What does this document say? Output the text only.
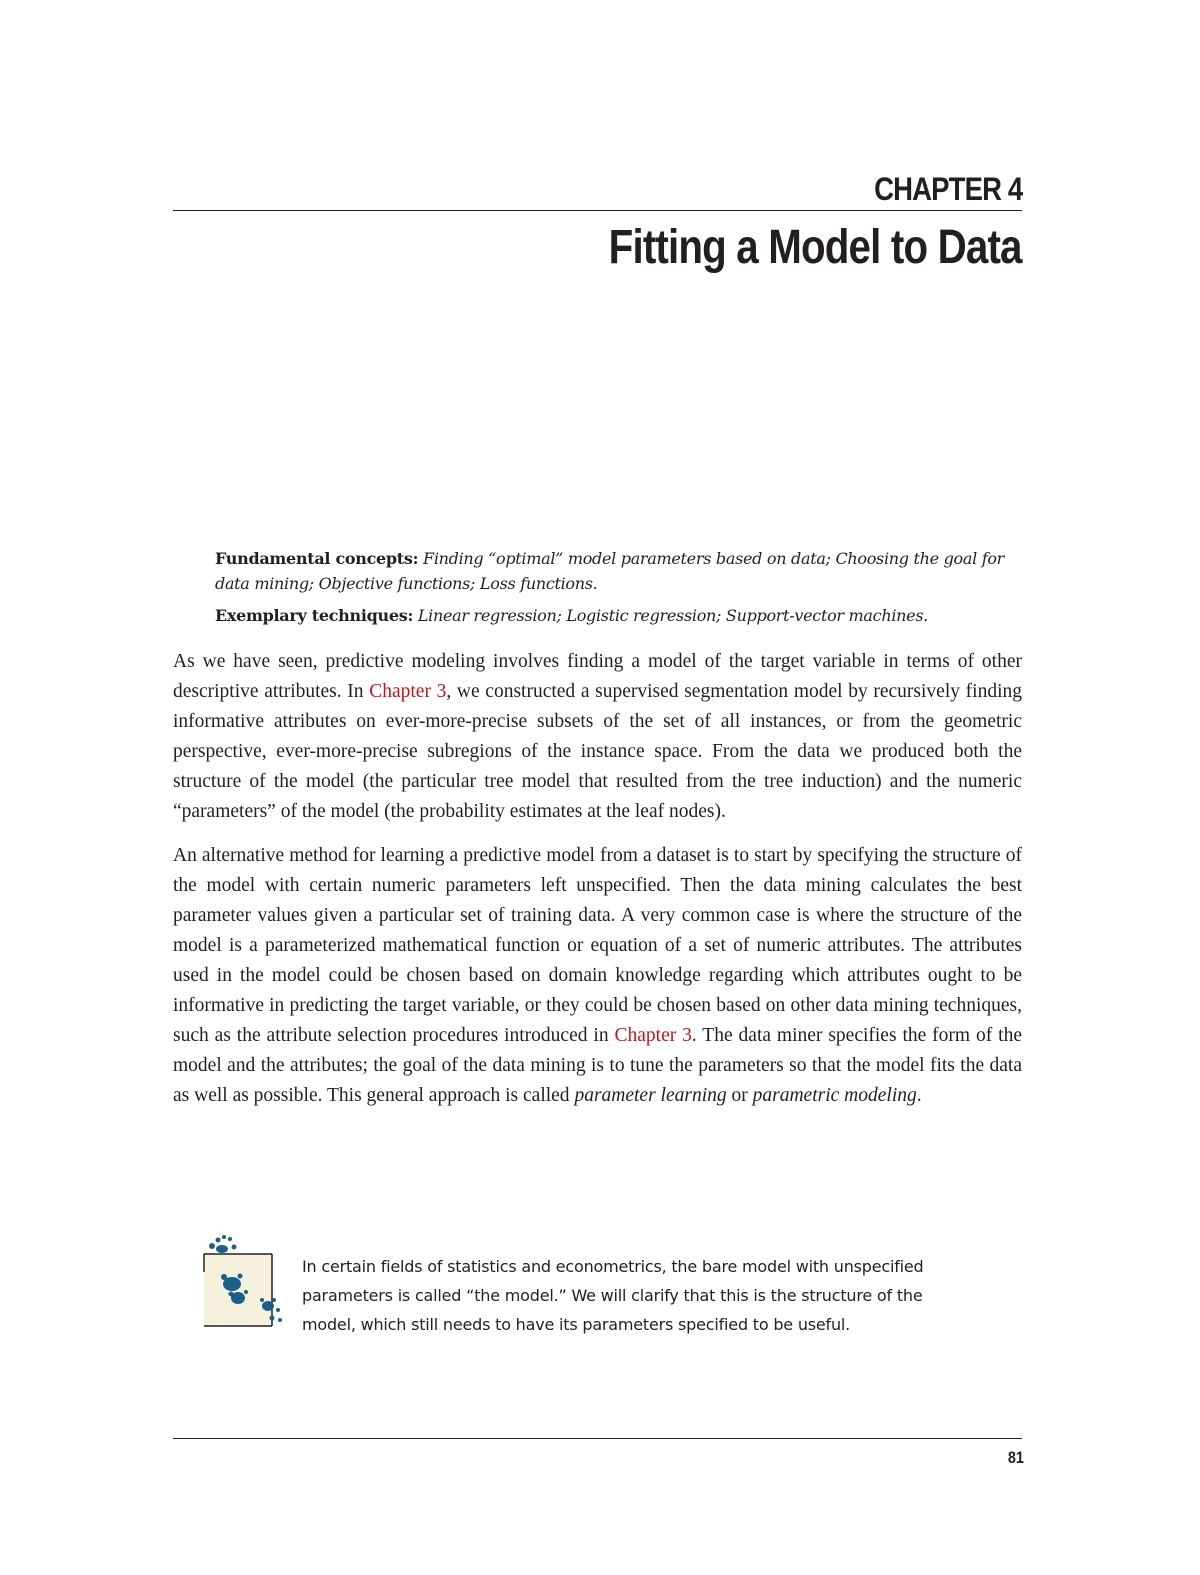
CHAPTER 4
Fitting a Model to Data

Fundamental concepts: Finding “optimal” model parameters based on data; Choosing the goal for data mining; Objective functions; Loss functions.

Exemplary techniques: Linear regression; Logistic regression; Support-vector machines.

As we have seen, predictive modeling involves finding a model of the target variable in terms of other descriptive attributes. In Chapter 3, we constructed a supervised segmentation model by recursively finding informative attributes on ever-more-precise subsets of the set of all instances, or from the geometric perspective, ever-more-precise subregions of the instance space. From the data we produced both the structure of the model (the particular tree model that resulted from the tree induction) and the numeric “parameters” of the model (the probability estimates at the leaf nodes).

An alternative method for learning a predictive model from a dataset is to start by specifying the structure of the model with certain numeric parameters left unspecified. Then the data mining calculates the best parameter values given a particular set of training data. A very common case is where the structure of the model is a parameterized mathematical function or equation of a set of numeric attributes. The attributes used in the model could be chosen based on domain knowledge regarding which attributes ought to be informative in predicting the target variable, or they could be chosen based on other data mining techniques, such as the attribute selection procedures introduced in Chapter 3. The data miner specifies the form of the model and the attributes; the goal of the data mining is to tune the parameters so that the model fits the data as well as possible. This general approach is called parameter learning or parametric modeling.

In certain fields of statistics and econometrics, the bare model with unspecified parameters is called “the model.” We will clarify that this is the structure of the model, which still needs to have its parameters specified to be useful.
81
